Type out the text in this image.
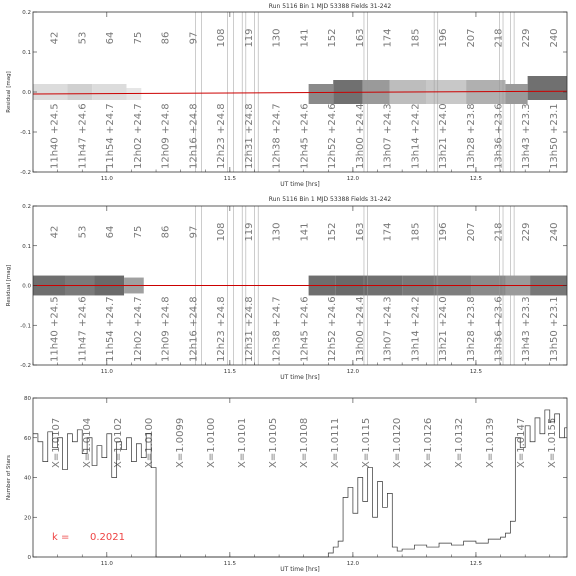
Run 5116 Bin 1 MJD 53388 Fields 31-242
42 53 64 75 86 97 108 119 130 141 152 163 174 185 196 207 218 229 240
11h40 +24.5 11h47 +24.6 11h54 +24.7 12h02 +24.7 12h09 +24.8 12h16 +24.8 12h23 +24.8 12h31 +24.8 12h38 +24.7 12h45 +24.6 12h52 +24.6 13h00 +24.4 13h07 +24.3 13h14 +24.2 13h21 +24.0 13h28 +23.8 13h36 +23.6 13h43 +23.3 13h50 +23.1
-0.2
-0.1
0.0
0.1
0.2
11.0	11.5	12.0	12.5
UT time [hrs]
Residual [mag]
Run 5116 Bin 1 MJD 53388 Fields 31-242
42 53 64 75 86 97 108 119 130 141 152 163 174 185 196 207 218 229 240
11h40 +24.5 11h47 +24.6 11h54 +24.7 12h02 +24.7 12h09 +24.8 12h16 +24.8 12h23 +24.8 12h31 +24.8 12h38 +24.7 12h45 +24.6 12h52 +24.6 13h00 +24.4 13h07 +24.3 13h14 +24.2 13h21 +24.0 13h28 +23.8 13h36 +23.6 13h43 +23.3 13h50 +23.1
-0.2
-0.1
0.0
0.1
0.2
11.0	11.5	12.0	12.5
UT time [hrs]
Residual [mag]
X=1.0107 X=1.0104 X=1.0102 X=1.0100 X=1.0099 X=1.0100 X=1.0101 X=1.0105 X=1.0108 X=1.0111 X=1.0115 X=1.0120 X=1.0126 X=1.0132 X=1.0139 X=1.0147 X=1.0155
0
20
40
60
80
11.0	11.5	12.0	12.5
k = 0.2021
UT time [hrs]
Number of Stars
